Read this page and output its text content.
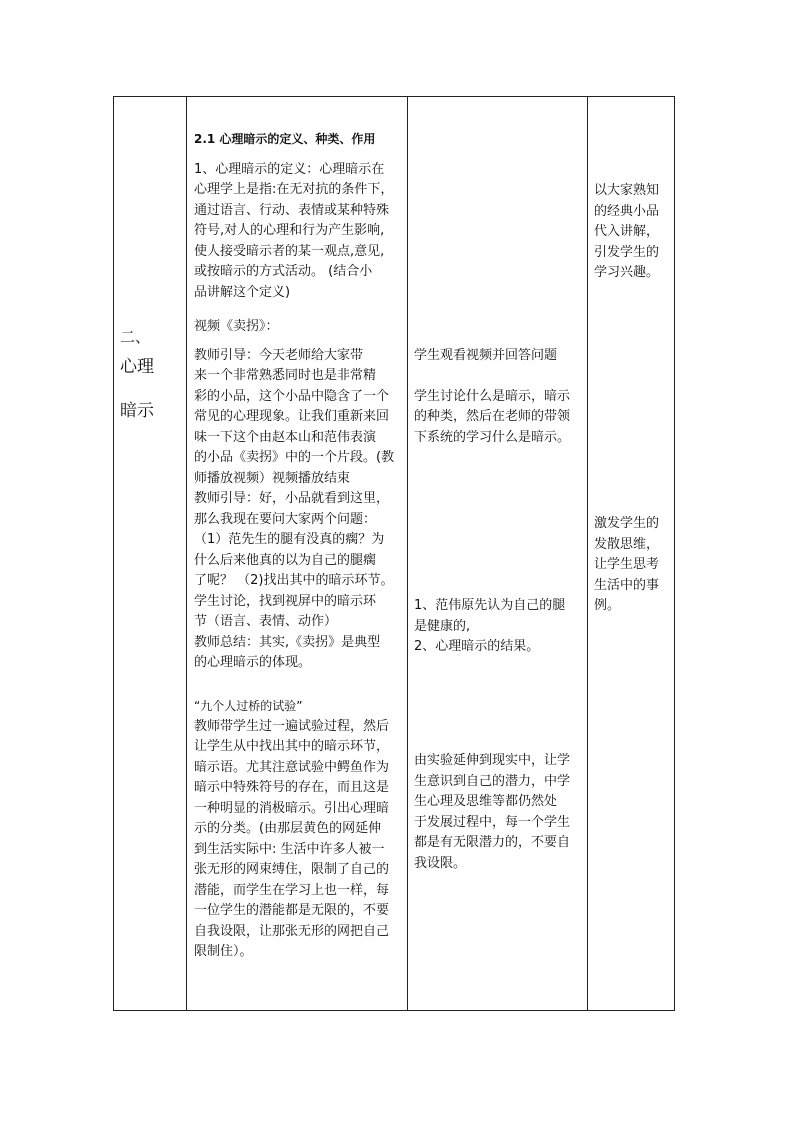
二、
心理
暗示
2.1 心理暗示的定义、种类、作用
1、心理暗示的定义：心理暗示在
心理学上是指:在无对抗的条件下，
通过语言、行动、表情或某种特殊
符号,对人的心理和行为产生影响,
使人接受暗示者的某一观点,意见,
或按暗示的方式活动。 (结合小
品讲解这个定义)
视频《卖拐》：
教师引导：今天老师给大家带
来一个非常熟悉同时也是非常精
彩的小品，这个小品中隐含了一个
常见的心理现象。让我们重新来回
味一下这个由赵本山和范伟表演
的小品《卖拐》中的一个片段。(教
师播放视频）视频播放结束
教师引导：好，小品就看到这里，
那么我现在要问大家两个问题：
（1）范先生的腿有没真的瘸？为
什么后来他真的以为自己的腿瘸
了呢？ （2)找出其中的暗示环节。
学生讨论，找到视屏中的暗示环
节（语言、表情、动作）
教师总结：其实,《卖拐》是典型
的心理暗示的体现。
“九个人过桥的试验”
教师带学生过一遍试验过程，然后
让学生从中找出其中的暗示环节，
暗示语。尤其注意试验中鳄鱼作为
暗示中特殊符号的存在，而且这是
一种明显的消极暗示。引出心理暗
示的分类。(由那层黄色的网延伸
到生活实际中: 生活中许多人被一
张无形的网束缚住，限制了自己的
潜能，而学生在学习上也一样，每
一位学生的潜能都是无限的，不要
自我设限，让那张无形的网把自己
限制住）。
学生观看视频并回答问题
学生讨论什么是暗示，暗示
的种类，然后在老师的带领
下系统的学习什么是暗示。
1、范伟原先认为自己的腿
是健康的,
2、心理暗示的结果。
由实验延伸到现实中，让学
生意识到自己的潜力，中学
生心理及思维等都仍然处
于发展过程中，每一个学生
都是有无限潜力的，不要自
我设限。
以大家熟知
的经典小品
代入讲解，
引发学生的
学习兴趣。
激发学生的
发散思维，
让学生思考
生活中的事
例。
